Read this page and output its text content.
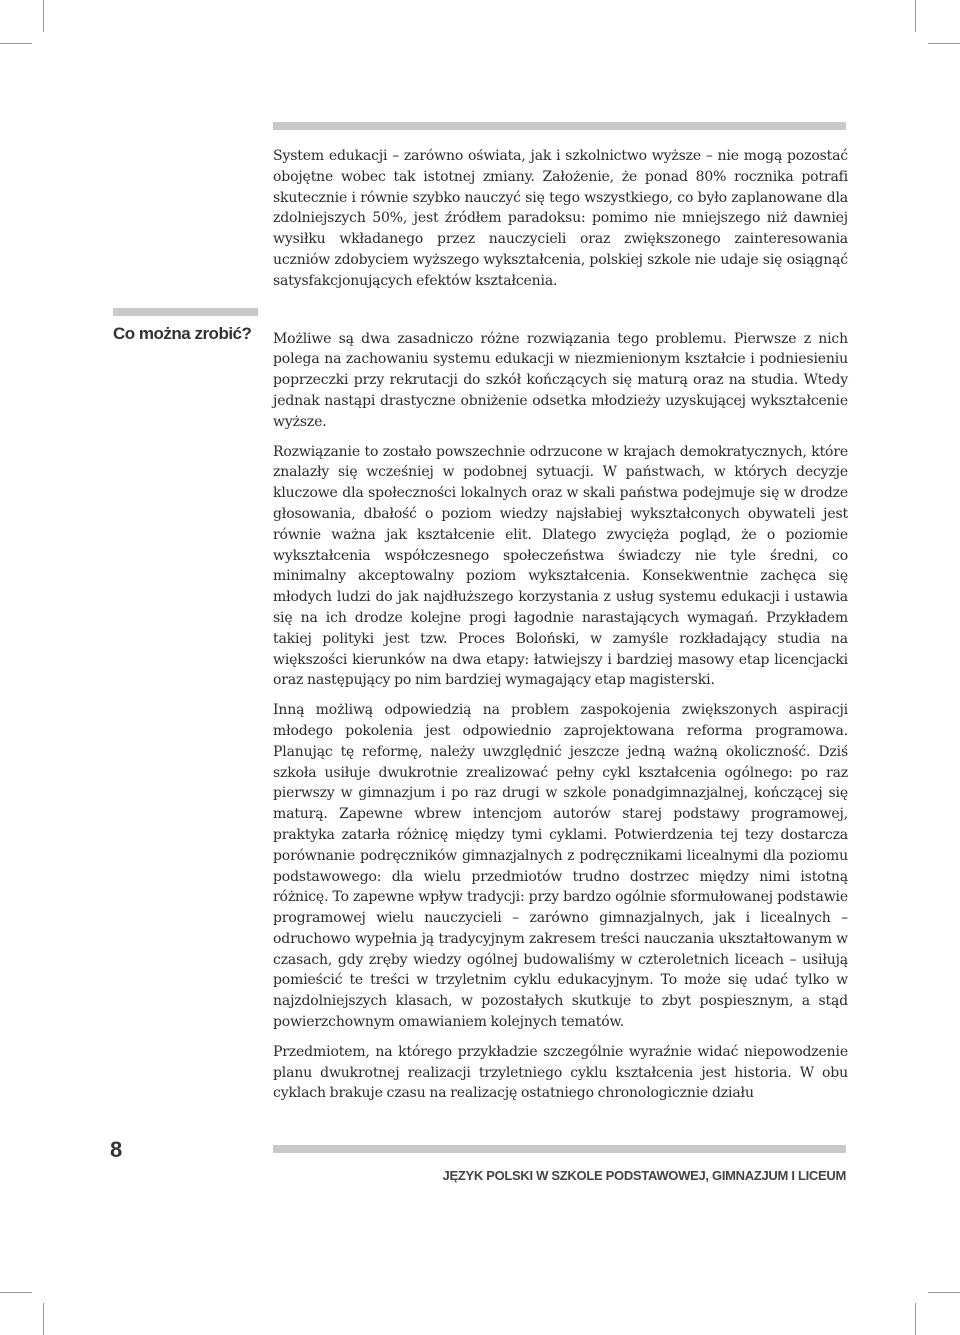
Co można zrobić?

System edukacji – zarówno oświata, jak i szkolnictwo wyższe – nie mogą pozostać obojętne wobec tak istotnej zmiany. Założenie, że ponad 80% rocznika potrafi skutecznie i równie szybko nauczyć się tego wszystkiego, co było zaplanowane dla zdolniejszych 50%, jest źródłem paradoksu: pomimo nie mniejszego niż dawniej wysiłku wkładanego przez nauczycieli oraz zwiększonego zainteresowania uczniów zdobyciem wyższego wykształcenia, polskiej szkole nie udaje się osiągnąć satysfakcjonujących efektów kształcenia.

Możliwe są dwa zasadniczo różne rozwiązania tego problemu. Pierwsze z nich polega na zachowaniu systemu edukacji w niezmienionym kształcie i podniesieniu poprzeczki przy rekrutacji do szkół kończących się maturą oraz na studia. Wtedy jednak nastąpi drastyczne obniżenie odsetka młodzieży uzyskującej wykształcenie wyższe.

Rozwiązanie to zostało powszechnie odrzucone w krajach demokratycznych, które znalazły się wcześniej w podobnej sytuacji. W państwach, w których decyzje kluczowe dla społeczności lokalnych oraz w skali państwa podejmuje się w drodze głosowania, dbałość o poziom wiedzy najsłabiej wykształconych obywateli jest równie ważna jak kształcenie elit. Dlatego zwycięża pogląd, że o poziomie wykształcenia współczesnego społeczeństwa świadczy nie tyle średni, co minimalny akceptowalny poziom wykształcenia. Konsekwentnie zachęca się młodych ludzi do jak najdłuższego korzystania z usług systemu edukacji i ustawia się na ich drodze kolejne progi łagodnie narastających wymagań. Przykładem takiej polityki jest tzw. Proces Boloński, w zamyśle rozkładający studia na większości kierunków na dwa etapy: łatwiejszy i bardziej masowy etap licencjacki oraz następujący po nim bardziej wymagający etap magisterski.

Inną możliwą odpowiedzią na problem zaspokojenia zwiększonych aspiracji młodego pokolenia jest odpowiednio zaprojektowana reforma programowa. Planując tę reformę, należy uwzględnić jeszcze jedną ważną okoliczność. Dziś szkoła usiłuje dwukrotnie zrealizować pełny cykl kształcenia ogólnego: po raz pierwszy w gimnazjum i po raz drugi w szkole ponadgimnazjalnej, kończącej się maturą. Zapewne wbrew intencjom autorów starej podstawy programowej, praktyka zatarła różnicę między tymi cyklami. Potwierdzenia tej tezy dostarcza porównanie podręczników gimnazjalnych z podręcznikami licealnymi dla poziomu podstawowego: dla wielu przedmiotów trudno dostrzec między nimi istotną różnicę. To zapewne wpływ tradycji: przy bardzo ogólnie sformułowanej podstawie programowej wielu nauczycieli – zarówno gimnazjalnych, jak i licealnych – odruchowo wypełnia ją tradycyjnym zakresem treści nauczania ukształtowanym w czasach, gdy zręby wiedzy ogólnej budowaliśmy w czteroletnich liceach – usiłują pomieścić te treści w trzyletnim cyklu edukacyjnym. To może się udać tylko w najzdolniejszych klasach, w pozostałych skutkuje to zbyt pospiesznym, a stąd powierzchownym omawianiem kolejnych tematów.

Przedmiotem, na którego przykładzie szczególnie wyraźnie widać niepowodzenie planu dwukrotnej realizacji trzyletniego cyklu kształcenia jest historia. W obu cyklach brakuje czasu na realizację ostatniego chronologicznie działu

8
JĘZYK POLSKI W SZKOLE PODSTAWOWEJ, GIMNAZJUM I LICEUM
